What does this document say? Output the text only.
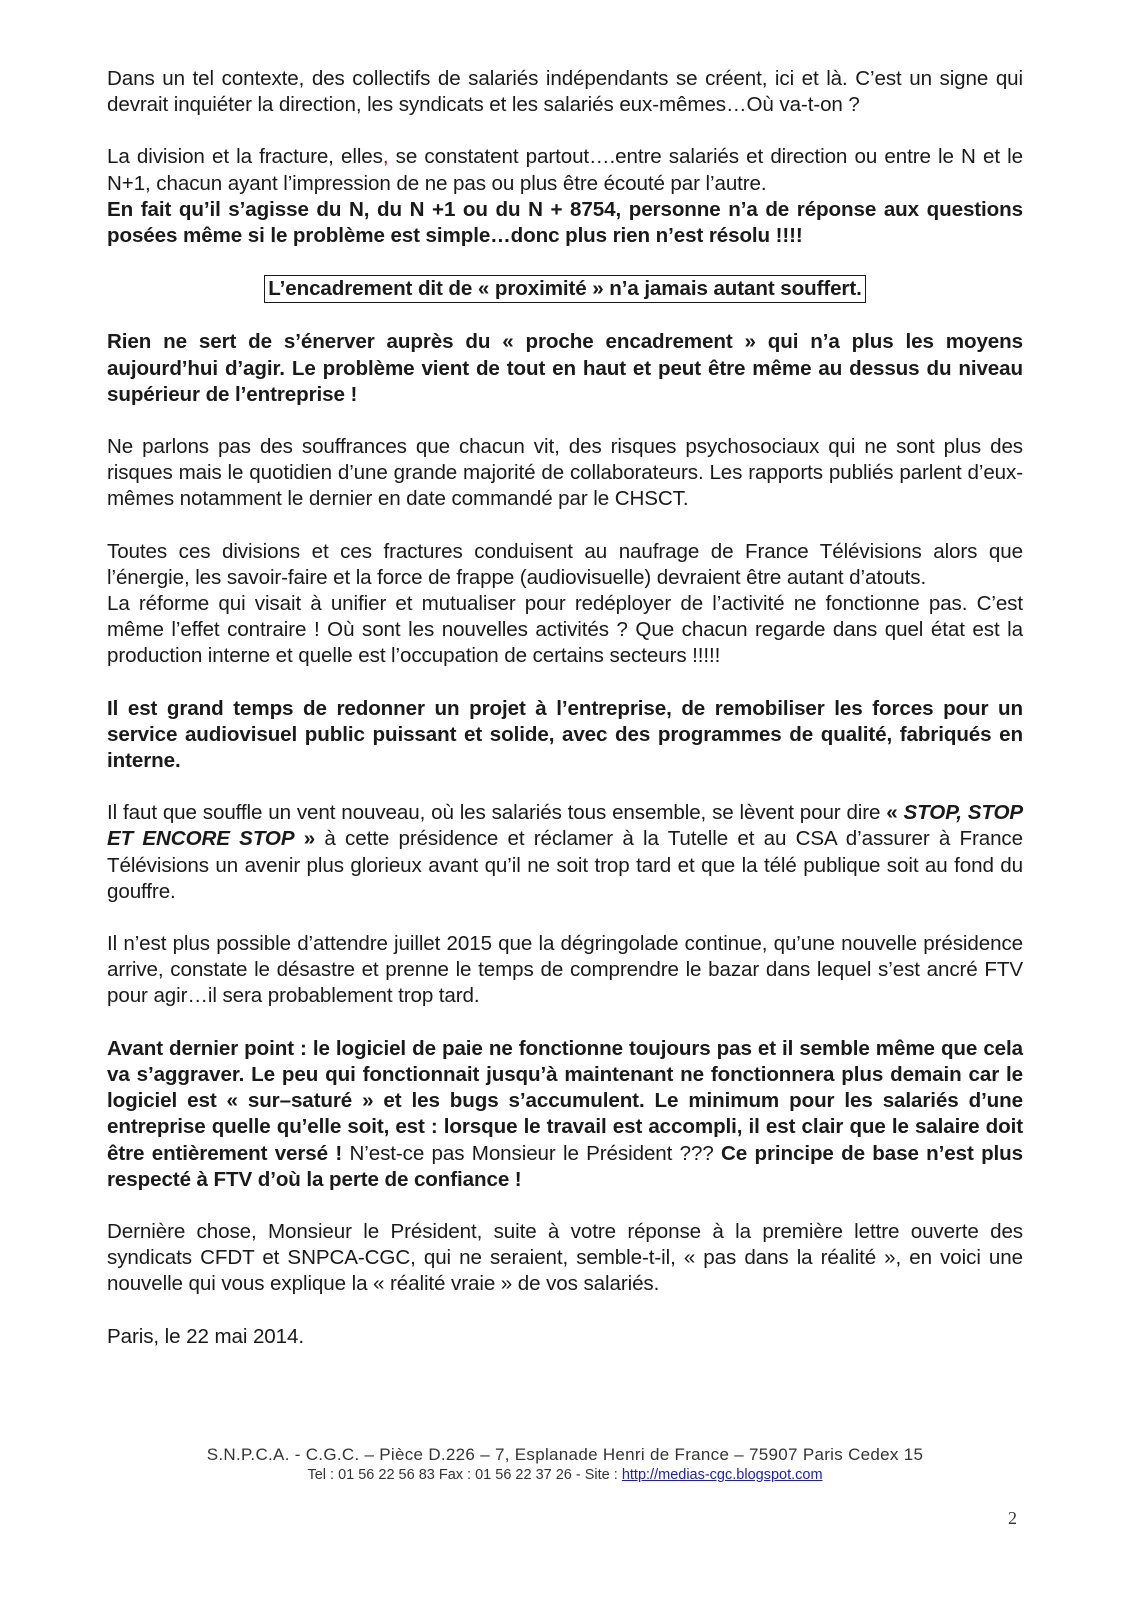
Dans un tel contexte, des collectifs de salariés indépendants se créent, ici et là. C’est un signe qui devrait inquiéter la direction, les syndicats et les salariés eux-mêmes…Où va-t-on ?

La division et la fracture, elles, se constatent partout….entre salariés et direction ou entre le N et le N+1, chacun ayant l’impression de ne pas ou plus être écouté par l’autre.

En fait qu’il s’agisse du N, du N +1 ou du N + 8754, personne n’a de réponse aux questions posées même si le problème est simple…donc plus rien n’est résolu !!!!

L’encadrement dit de « proximité » n’a jamais autant souffert.

Rien ne sert de s’énerver auprès du « proche encadrement » qui n’a plus les moyens aujourd’hui d’agir. Le problème vient de tout en haut et peut être même au dessus du niveau supérieur de l’entreprise !

Ne parlons pas des souffrances que chacun vit, des risques psychosociaux qui ne sont plus des risques mais le quotidien d’une grande majorité de collaborateurs. Les rapports publiés parlent d’eux-mêmes notamment le dernier en date commandé par le CHSCT.

Toutes ces divisions et ces fractures conduisent au naufrage de France Télévisions alors que l’énergie, les savoir-faire et la force de frappe (audiovisuelle) devraient être autant d’atouts.

La réforme qui visait à unifier et mutualiser pour redéployer de l’activité ne fonctionne pas. C’est même l’effet contraire ! Où sont les nouvelles activités ? Que chacun regarde dans quel état est la production interne et quelle est l’occupation de certains secteurs !!!!!

Il est grand temps de redonner un projet à l’entreprise, de remobiliser les forces pour un service audiovisuel public puissant et solide, avec des programmes de qualité, fabriqués en interne.

Il faut que souffle un vent nouveau, où les salariés tous ensemble, se lèvent pour dire « STOP, STOP ET ENCORE STOP » à cette présidence et réclamer à la Tutelle et au CSA d’assurer à France Télévisions un avenir plus glorieux avant qu’il ne soit trop tard et que la télé publique soit au fond du gouffre.

Il n’est plus possible d’attendre juillet 2015 que la dégringolade continue, qu’une nouvelle présidence arrive, constate le désastre et prenne le temps de comprendre le bazar dans lequel s’est ancré FTV pour agir…il sera probablement trop tard.

Avant dernier point : le logiciel de paie ne fonctionne toujours pas et il semble même que cela va s’aggraver. Le peu qui fonctionnait jusqu’à maintenant ne fonctionnera plus demain car le logiciel est « sur–saturé » et les bugs s’accumulent. Le minimum pour les salariés d’une entreprise quelle qu’elle soit, est : lorsque le travail est accompli, il est clair que le salaire doit être entièrement versé ! N’est-ce pas Monsieur le Président ??? Ce principe de base n’est plus respecté à FTV d’où la perte de confiance !

Dernière chose, Monsieur le Président, suite à votre réponse à la première lettre ouverte des syndicats CFDT et SNPCA-CGC, qui ne seraient, semble-t-il, « pas dans la réalité », en voici une nouvelle qui vous explique la « réalité vraie » de vos salariés.

Paris, le 22 mai 2014.

S.N.P.C.A. - C.G.C. – Pièce D.226 – 7, Esplanade Henri de France – 75907 Paris Cedex 15
Tel : 01 56 22 56 83 Fax : 01 56 22 37 26 - Site : http://medias-cgc.blogspot.com
2
